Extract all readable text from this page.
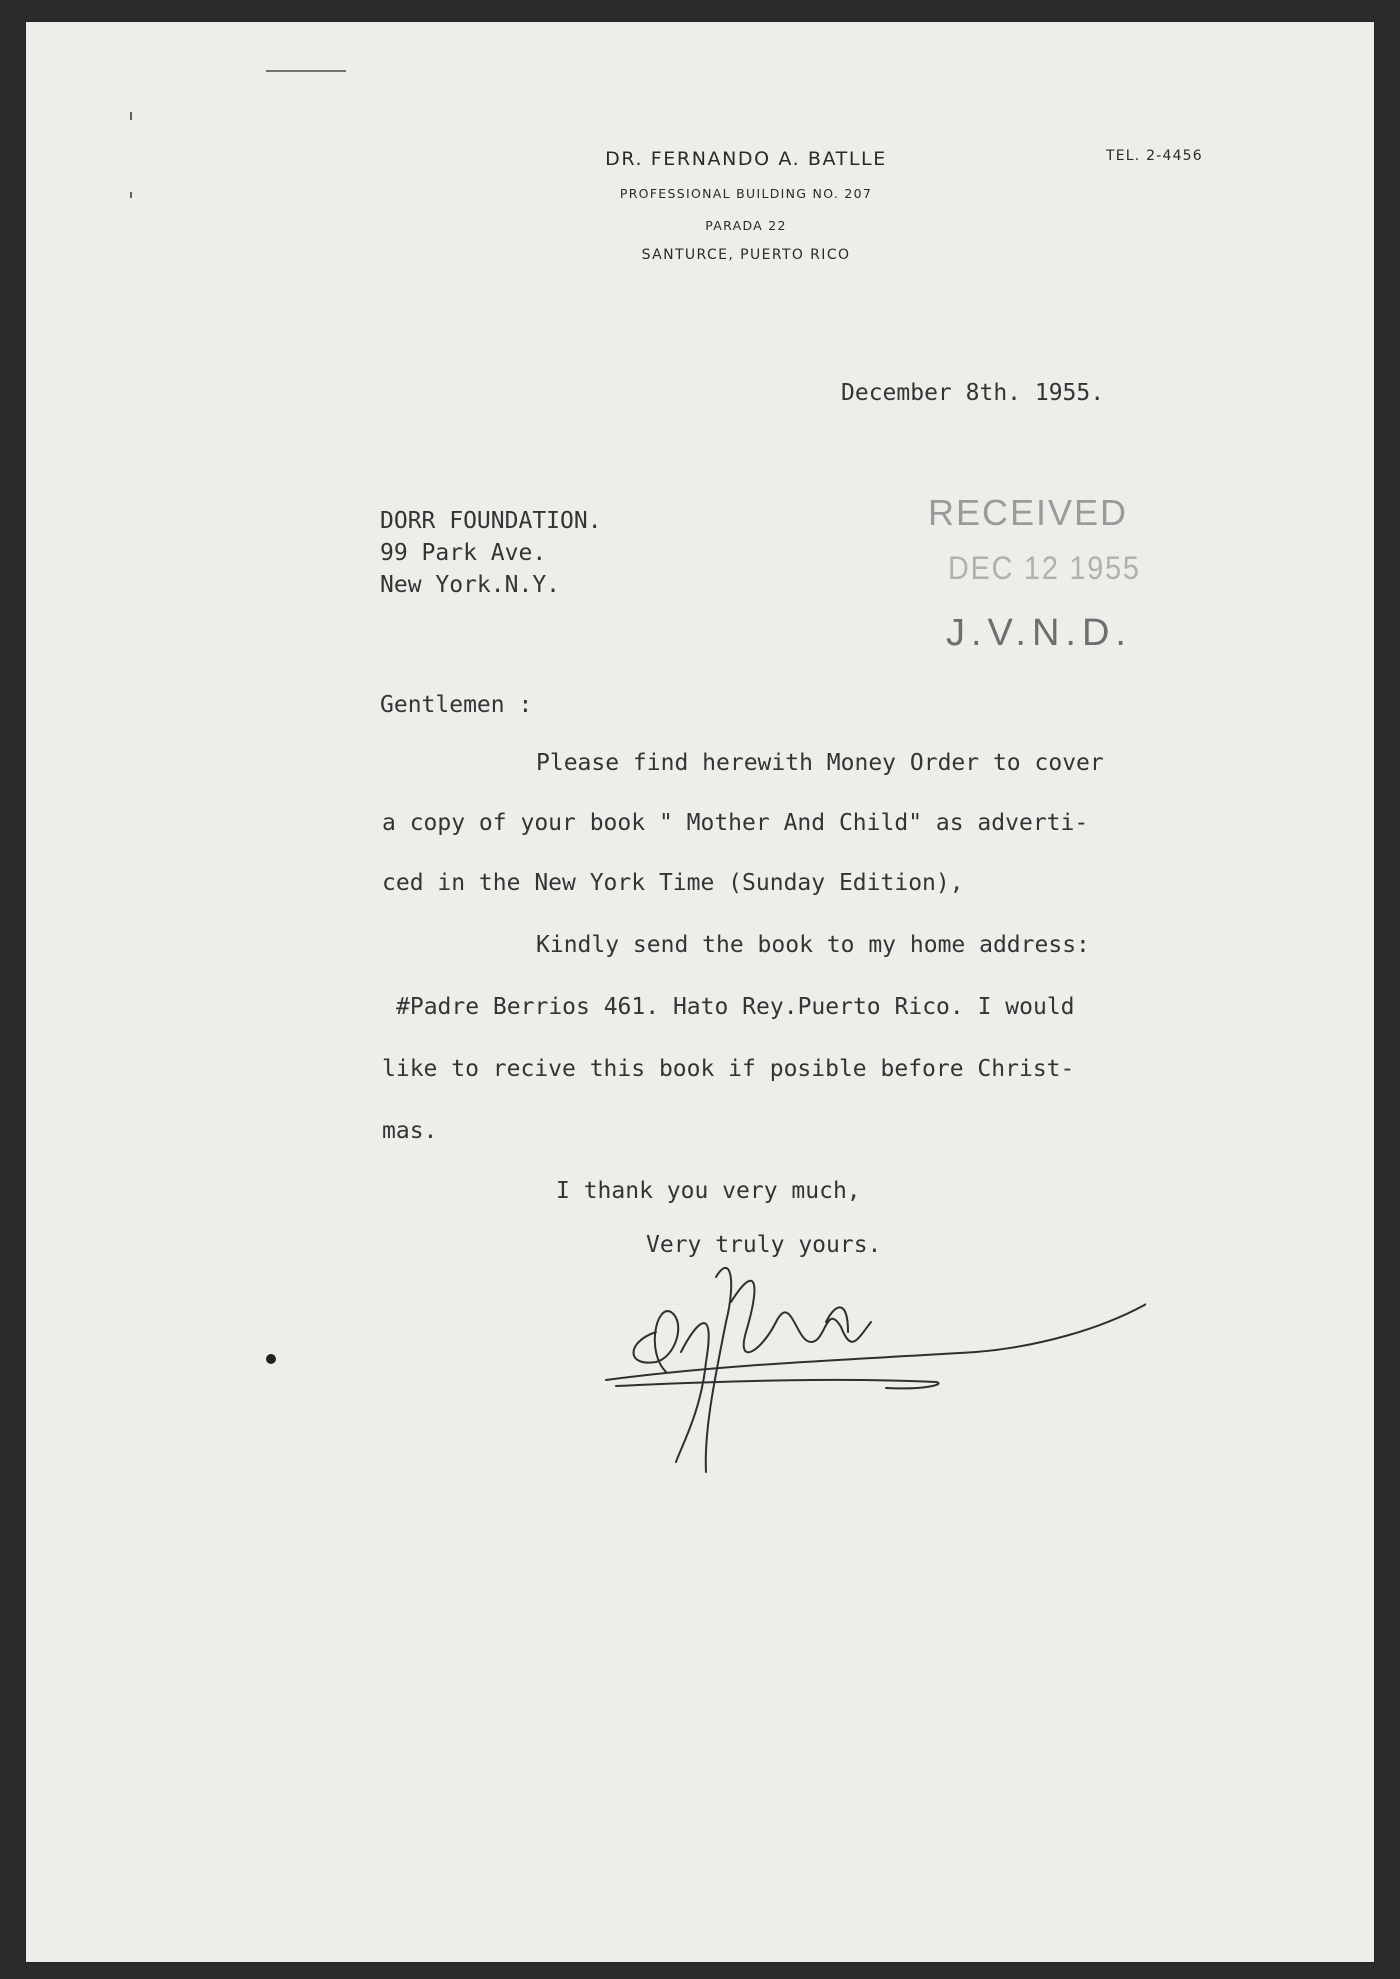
DR. FERNANDO A. BATLLE
PROFESSIONAL BUILDING NO. 207
PARADA 22
SANTURCE, PUERTO RICO
TEL. 2-4456
December 8th. 1955.
DORR FOUNDATION.
99 Park Ave.
New York.N.Y.
RECEIVED
DEC 12 1955
J.V.N.D.
Gentlemen :
Please find herewith Money Order to cover
a copy of your book " Mother And Child" as adverti-
ced in the New York Time (Sunday Edition),
Kindly send the book to my home address:
#Padre Berrios 461. Hato Rey.Puerto Rico. I would
like to recive this book if posible before Christ-
mas.
I thank you very much,
Very truly yours.
